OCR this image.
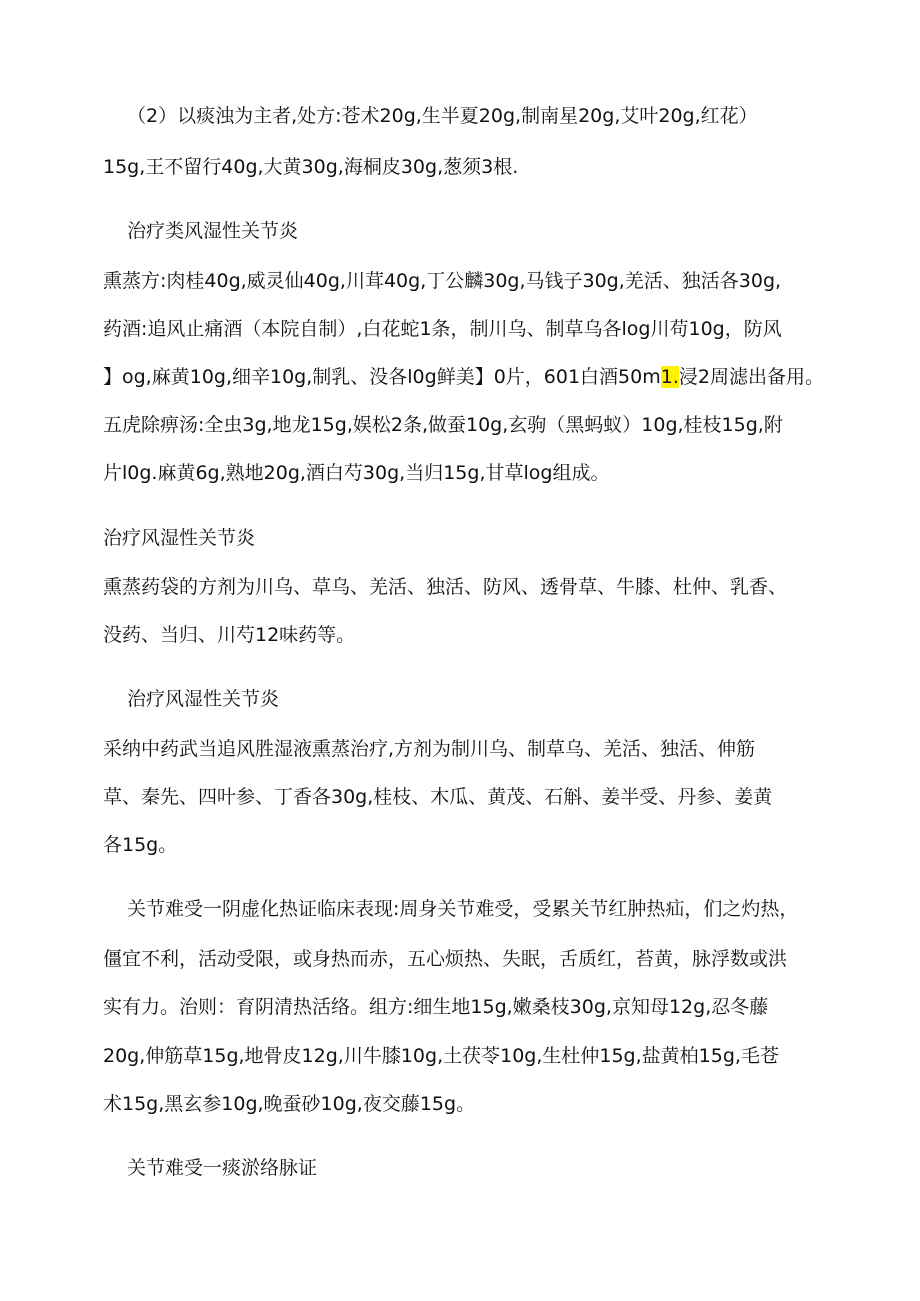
（2）以痰浊为主者,处方:苍术20g,生半夏20g,制南星20g,艾叶20g,红花）
15g,王不留行40g,大黄30g,海桐皮30g,葱须3根.
治疗类风湿性关节炎
熏蒸方:肉桂40g,威灵仙40g,川茸40g,丁公麟30g,马钱子30g,羌活、独活各30g,
药酒:追风止痛酒（本院自制）,白花蛇1条，制川乌、制草乌各log川苟10g，防风
】og,麻黄10g,细辛10g,制乳、没各l0g鲜美】0片，601白酒50m1.浸2周滤出备用。
五虎除痹汤:全虫3g,地龙15g,娱松2条,做蚕10g,玄驹（黑蚂蚁）10g,桂枝15g,附
片l0g.麻黄6g,熟地20g,酒白芍30g,当归15g,甘草log组成。
治疗风湿性关节炎
熏蒸药袋的方剂为川乌、草乌、羌活、独活、防风、透骨草、牛膝、杜仲、乳香、
没药、当归、川芍12味药等。
治疗风湿性关节炎
采纳中药武当追风胜湿液熏蒸治疗,方剂为制川乌、制草乌、羌活、独活、伸筋
草、秦先、四叶参、丁香各30g,桂枝、木瓜、黄茂、石斛、姜半受、丹参、姜黄
各15g。
关节难受一阴虚化热证临床表现:周身关节难受，受累关节红肿热疝，们之灼热，
僵宜不利，活动受限，或身热而赤，五心烦热、失眠，舌质红，苔黄，脉浮数或洪
实有力。治则：育阴清热活络。组方:细生地15g,嫩桑枝30g,京知母12g,忍冬藤
20g,伸筋草15g,地骨皮12g,川牛膝10g,土茯苓10g,生杜仲15g,盐黄柏15g,毛苍
术15g,黑玄参10g,晚蚕砂10g,夜交藤15g。
关节难受一痰淤络脉证
